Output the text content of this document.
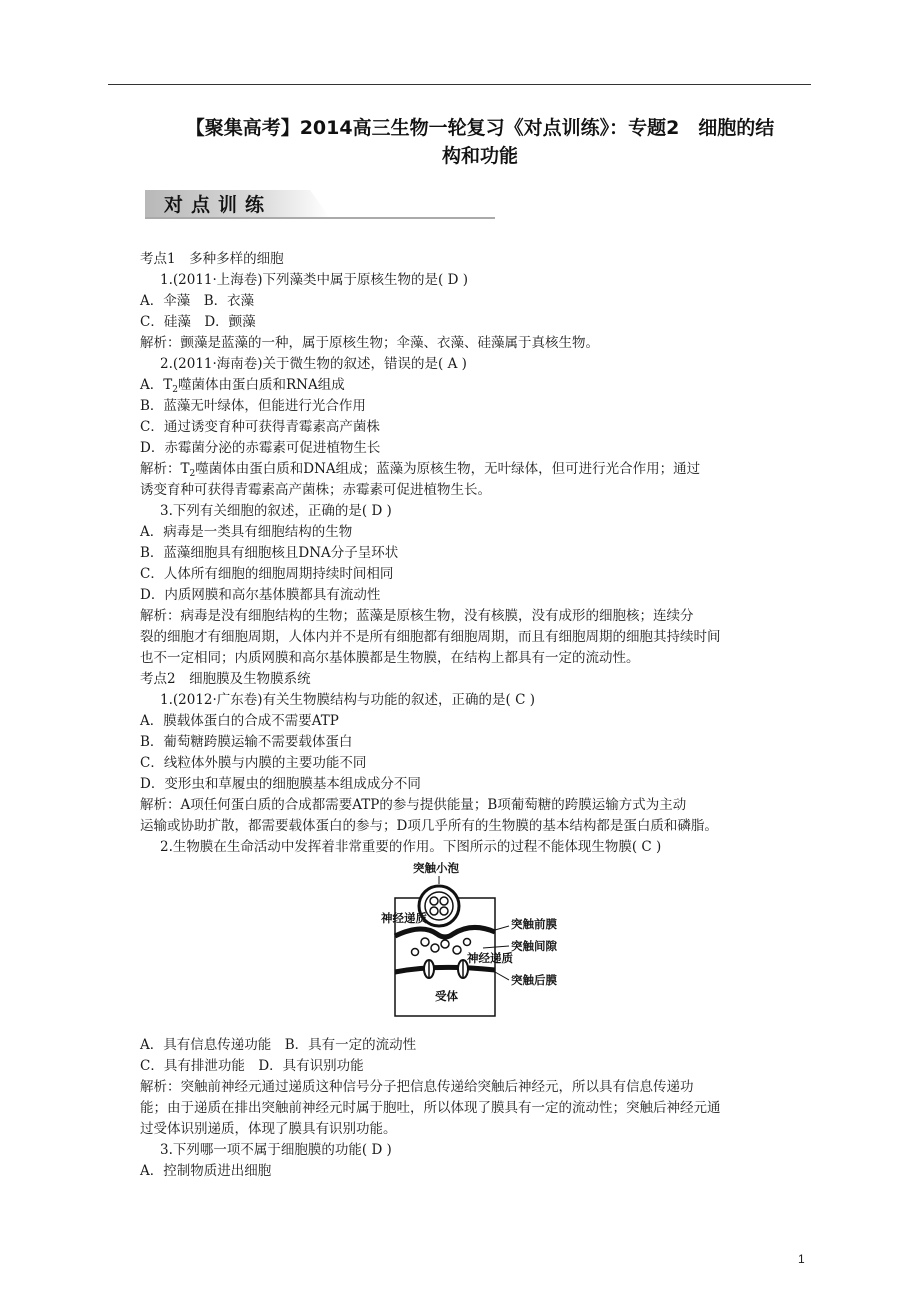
【聚集高考】2014高三生物一轮复习《对点训练》：专题2　细胞的结
构和功能
对点训练
考点1　多种多样的细胞
1.(2011·上海卷)下列藻类中属于原核生物的是( D )
A．伞藻　B．衣藻
C．硅藻　D．颤藻
解析：颤藻是蓝藻的一种，属于原核生物；伞藻、衣藻、硅藻属于真核生物。
2.(2011·海南卷)关于微生物的叙述，错误的是( A )
A．$T_2$噬菌体由蛋白质和RNA组成
B．蓝藻无叶绿体，但能进行光合作用
C．通过诱变育种可获得青霉素高产菌株
D．赤霉菌分泌的赤霉素可促进植物生长
解析：$T_2$噬菌体由蛋白质和DNA组成；蓝藻为原核生物，无叶绿体，但可进行光合作用；通过
诱变育种可获得青霉素高产菌株；赤霉素可促进植物生长。
3.下列有关细胞的叙述，正确的是( D )
A．病毒是一类具有细胞结构的生物
B．蓝藻细胞具有细胞核且DNA分子呈环状
C．人体所有细胞的细胞周期持续时间相同
D．内质网膜和高尔基体膜都具有流动性
解析：病毒是没有细胞结构的生物；蓝藻是原核生物，没有核膜，没有成形的细胞核；连续分
裂的细胞才有细胞周期，人体内并不是所有细胞都有细胞周期，而且有细胞周期的细胞其持续时间
也不一定相同；内质网膜和高尔基体膜都是生物膜，在结构上都具有一定的流动性。
考点2　细胞膜及生物膜系统
1.(2012·广东卷)有关生物膜结构与功能的叙述，正确的是( C )
A．膜载体蛋白的合成不需要ATP
B．葡萄糖跨膜运输不需要载体蛋白
C．线粒体外膜与内膜的主要功能不同
D．变形虫和草履虫的细胞膜基本组成成分不同
解析：A项任何蛋白质的合成都需要ATP的参与提供能量；B项葡萄糖的跨膜运输方式为主动
运输或协助扩散，都需要载体蛋白的参与；D项几乎所有的生物膜的基本结构都是蛋白质和磷脂。
2.生物膜在生命活动中发挥着非常重要的作用。下图所示的过程不能体现生物膜( C )
突触小泡
神经递质	突触前膜
突触间隙
神经递质
突触后膜
受体
A．具有信息传递功能　B．具有一定的流动性
C．具有排泄功能　D．具有识别功能
解析：突触前神经元通过递质这种信号分子把信息传递给突触后神经元，所以具有信息传递功
能；由于递质在排出突触前神经元时属于胞吐，所以体现了膜具有一定的流动性；突触后神经元通
过受体识别递质，体现了膜具有识别功能。
3.下列哪一项不属于细胞膜的功能( D )
A．控制物质进出细胞
1
